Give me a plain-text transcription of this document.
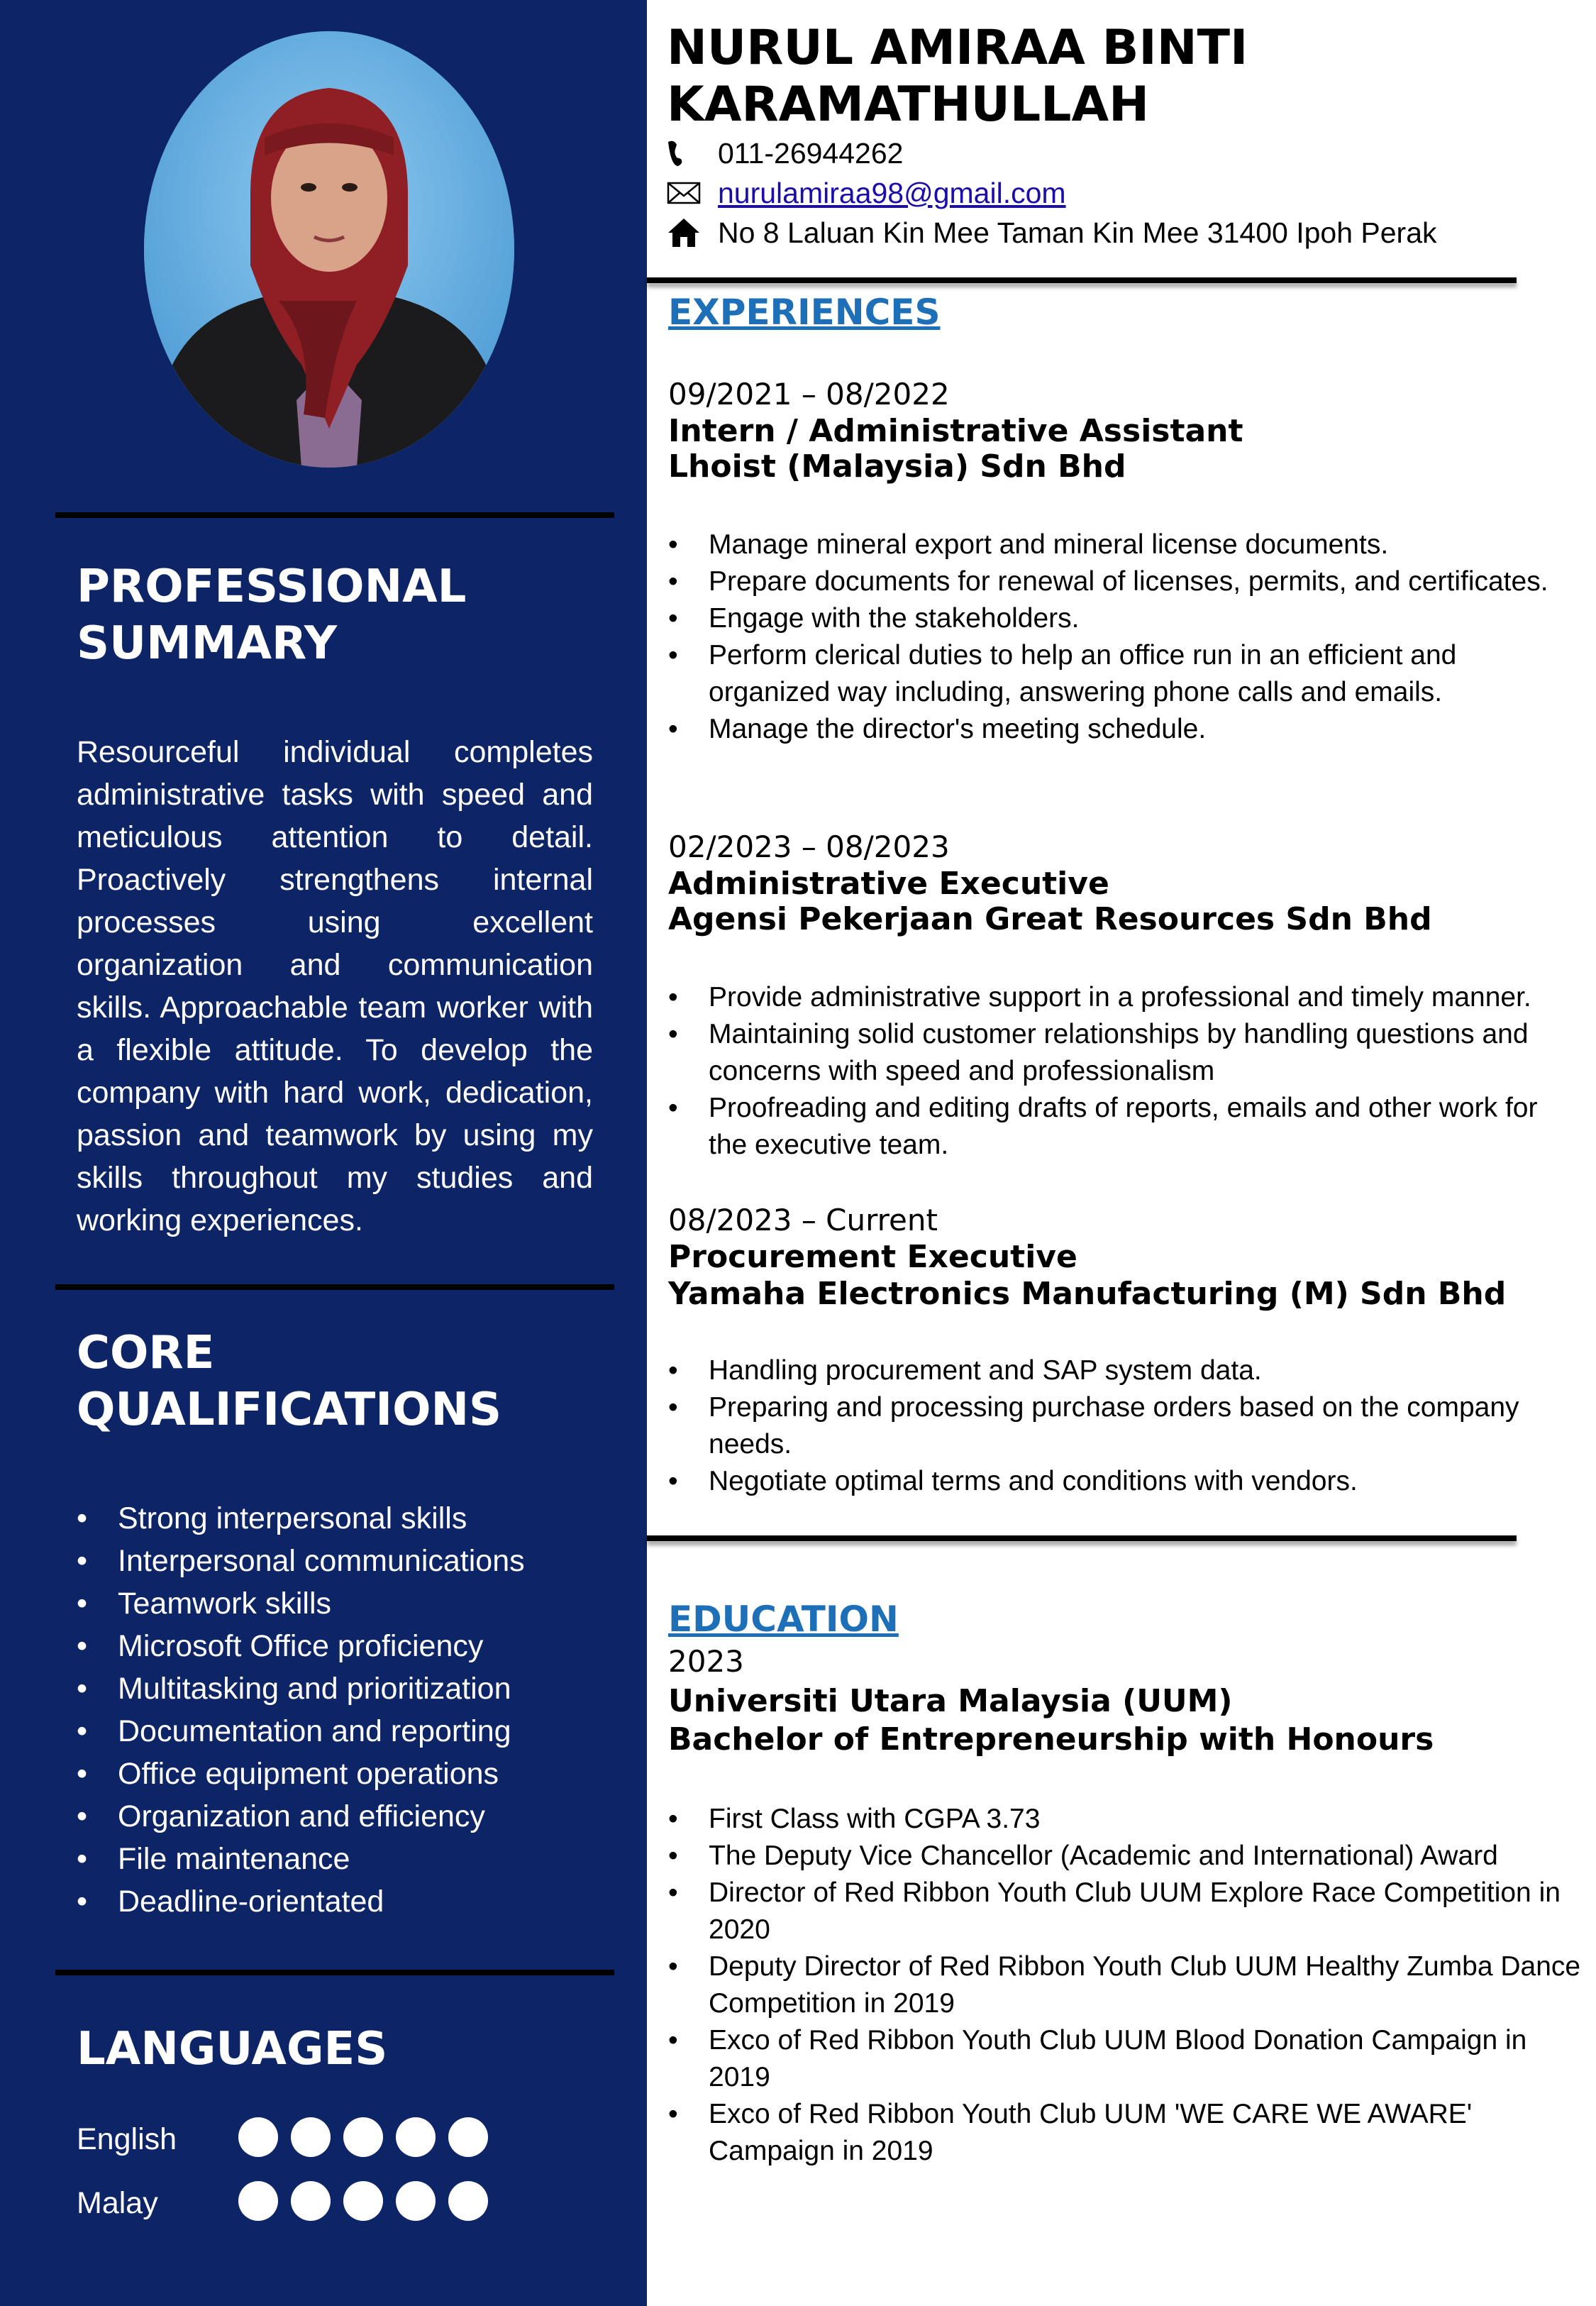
PROFESSIONAL SUMMARY
Resourceful individual completes administrative tasks with speed and meticulous attention to detail. Proactively strengthens internal processes using excellent organization and communication skills. Approachable team worker with a flexible attitude. To develop the company with hard work, dedication, passion and teamwork by using my skills throughout my studies and working experiences.
CORE QUALIFICATIONS
• Strong interpersonal skills
• Interpersonal communications
• Teamwork skills
• Microsoft Office proficiency
• Multitasking and prioritization
• Documentation and reporting
• Office equipment operations
• Organization and efficiency
• File maintenance
• Deadline-orientated
LANGUAGES
English
Malay
NURUL AMIRAA BINTI KARAMATHULLAH
011-26944262
nurulamiraa98@gmail.com
No 8 Laluan Kin Mee Taman Kin Mee 31400 Ipoh Perak
EXPERIENCES
09/2021 – 08/2022
Intern / Administrative Assistant
Lhoist (Malaysia) Sdn Bhd
• Manage mineral export and mineral license documents.
• Prepare documents for renewal of licenses, permits, and certificates.
• Engage with the stakeholders.
• Perform clerical duties to help an office run in an efficient and organized way including, answering phone calls and emails.
• Manage the director's meeting schedule.
02/2023 – 08/2023
Administrative Executive
Agensi Pekerjaan Great Resources Sdn Bhd
• Provide administrative support in a professional and timely manner.
• Maintaining solid customer relationships by handling questions and concerns with speed and professionalism
• Proofreading and editing drafts of reports, emails and other work for the executive team.
08/2023 – Current
Procurement Executive
Yamaha Electronics Manufacturing (M) Sdn Bhd
• Handling procurement and SAP system data.
• Preparing and processing purchase orders based on the company needs.
• Negotiate optimal terms and conditions with vendors.
EDUCATION
2023
Universiti Utara Malaysia (UUM)
Bachelor of Entrepreneurship with Honours
• First Class with CGPA 3.73
• The Deputy Vice Chancellor (Academic and International) Award
• Director of Red Ribbon Youth Club UUM Explore Race Competition in 2020
• Deputy Director of Red Ribbon Youth Club UUM Healthy Zumba Dance Competition in 2019
• Exco of Red Ribbon Youth Club UUM Blood Donation Campaign in 2019
• Exco of Red Ribbon Youth Club UUM 'WE CARE WE AWARE' Campaign in 2019
